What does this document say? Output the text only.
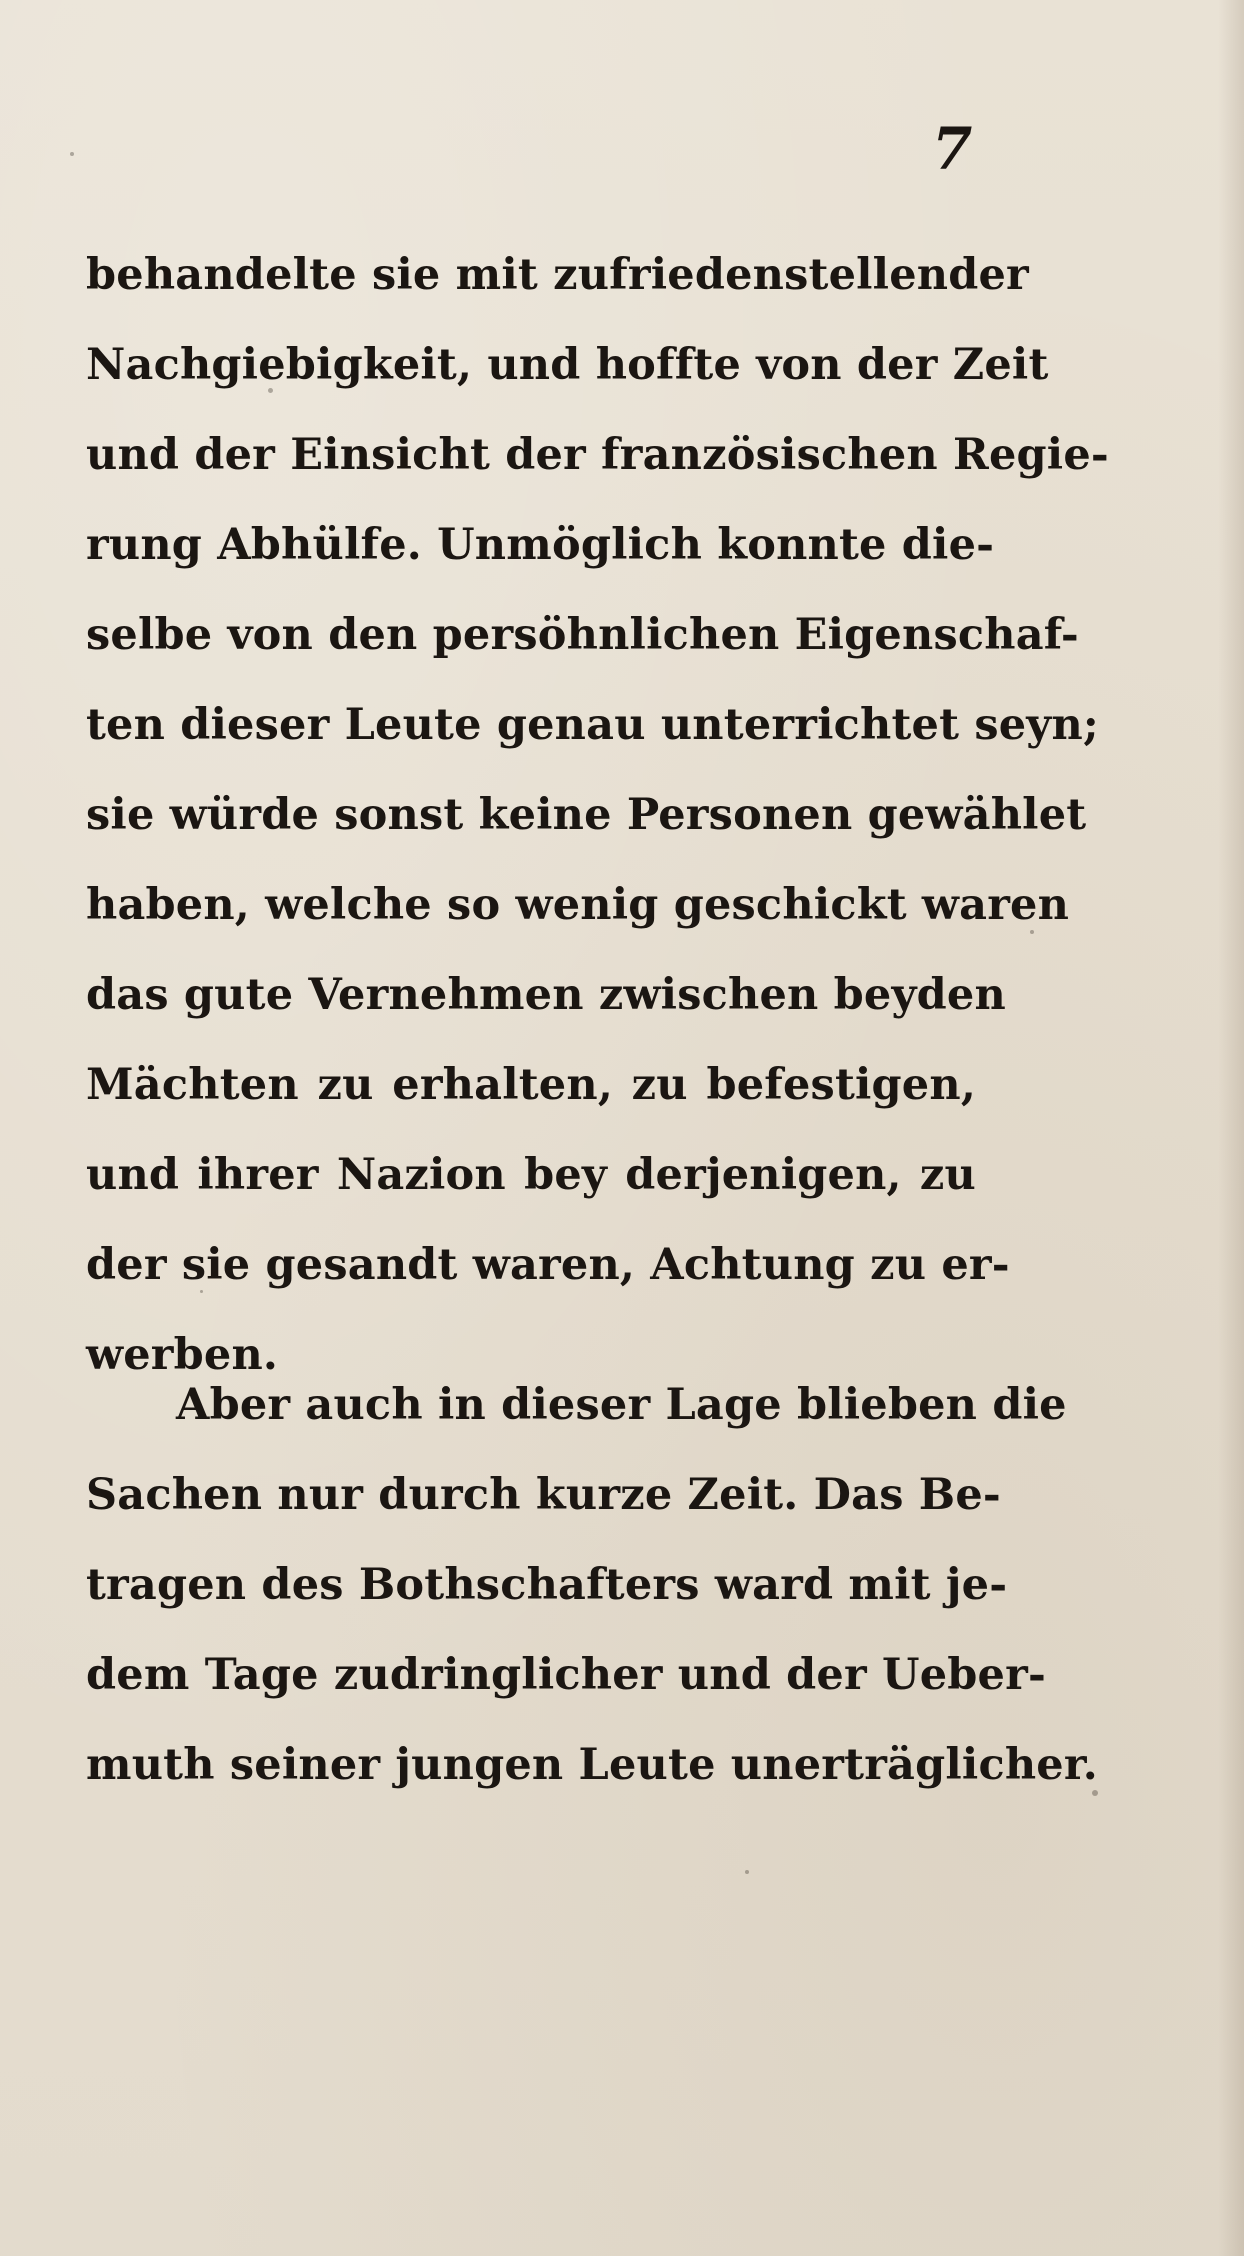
7
behandelte sie mit zufriedenstellender
Nachgiebigkeit, und hoffte von der Zeit
und der Einsicht der französischen Regie-
rung Abhülfe. Unmöglich konnte die-
selbe von den persöhnlichen Eigenschaf-
ten dieser Leute genau unterrichtet seyn;
sie würde sonst keine Personen gewählet
haben, welche so wenig geschickt waren
das gute Vernehmen zwischen beyden
Mächten zu erhalten, zu befestigen,
und ihrer Nazion bey derjenigen, zu
der sie gesandt waren, Achtung zu er-
werben.
Aber auch in dieser Lage blieben die
Sachen nur durch kurze Zeit. Das Be-
tragen des Bothschafters ward mit je-
dem Tage zudringlicher und der Ueber-
muth seiner jungen Leute unerträglicher.
